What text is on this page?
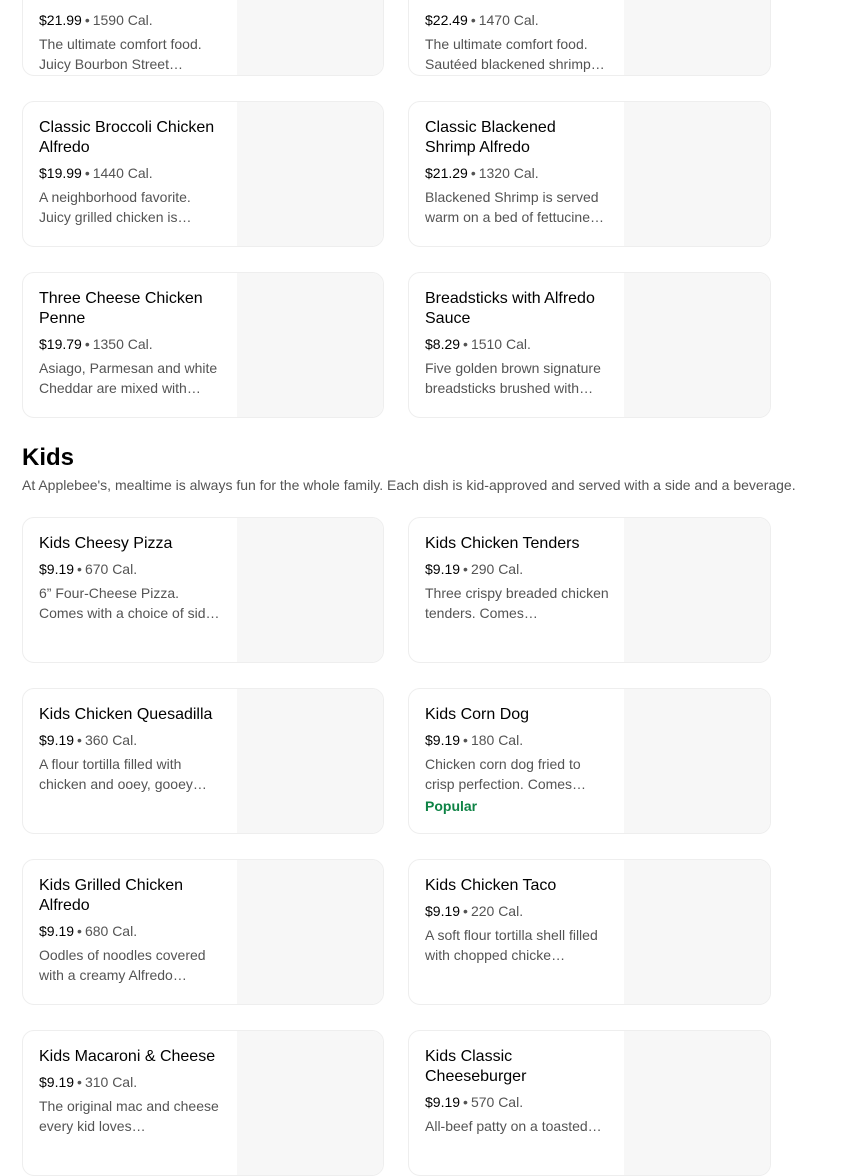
$21.99 • 1590 Cal.
The ultimate comfort food. Juicy Bourbon Street…
$22.49 • 1470 Cal.
The ultimate comfort food. Sautéed blackened shrimp…
Classic Broccoli Chicken Alfredo
$19.99 • 1440 Cal.
A neighborhood favorite. Juicy grilled chicken is…
Classic Blackened Shrimp Alfredo
$21.29 • 1320 Cal.
Blackened Shrimp is served warm on a bed of fettucine…
Three Cheese Chicken Penne
$19.79 • 1350 Cal.
Asiago, Parmesan and white Cheddar are mixed with…
Breadsticks with Alfredo Sauce
$8.29 • 1510 Cal.
Five golden brown signature breadsticks brushed with…
Kids

At Applebee's, mealtime is always fun for the whole family. Each dish is kid-approved and served with a side and a beverage.

Kids Cheesy Pizza
$9.19 • 670 Cal.
6” Four-Cheese Pizza. Comes with a choice of sid…
Kids Chicken Tenders
$9.19 • 290 Cal.
Three crispy breaded chicken tenders. Comes…
Kids Chicken Quesadilla
$9.19 • 360 Cal.
A flour tortilla filled with chicken and ooey, gooey…
Kids Corn Dog
$9.19 • 180 Cal.
Chicken corn dog fried to crisp perfection. Comes…
Popular
Kids Grilled Chicken Alfredo
$9.19 • 680 Cal.
Oodles of noodles covered with a creamy Alfredo…
Kids Chicken Taco
$9.19 • 220 Cal.
A soft flour tortilla shell filled with chopped chicke…
Kids Macaroni & Cheese
$9.19 • 310 Cal.
The original mac and cheese every kid loves…
Kids Classic Cheeseburger
$9.19 • 570 Cal.
All-beef patty on a toasted…
